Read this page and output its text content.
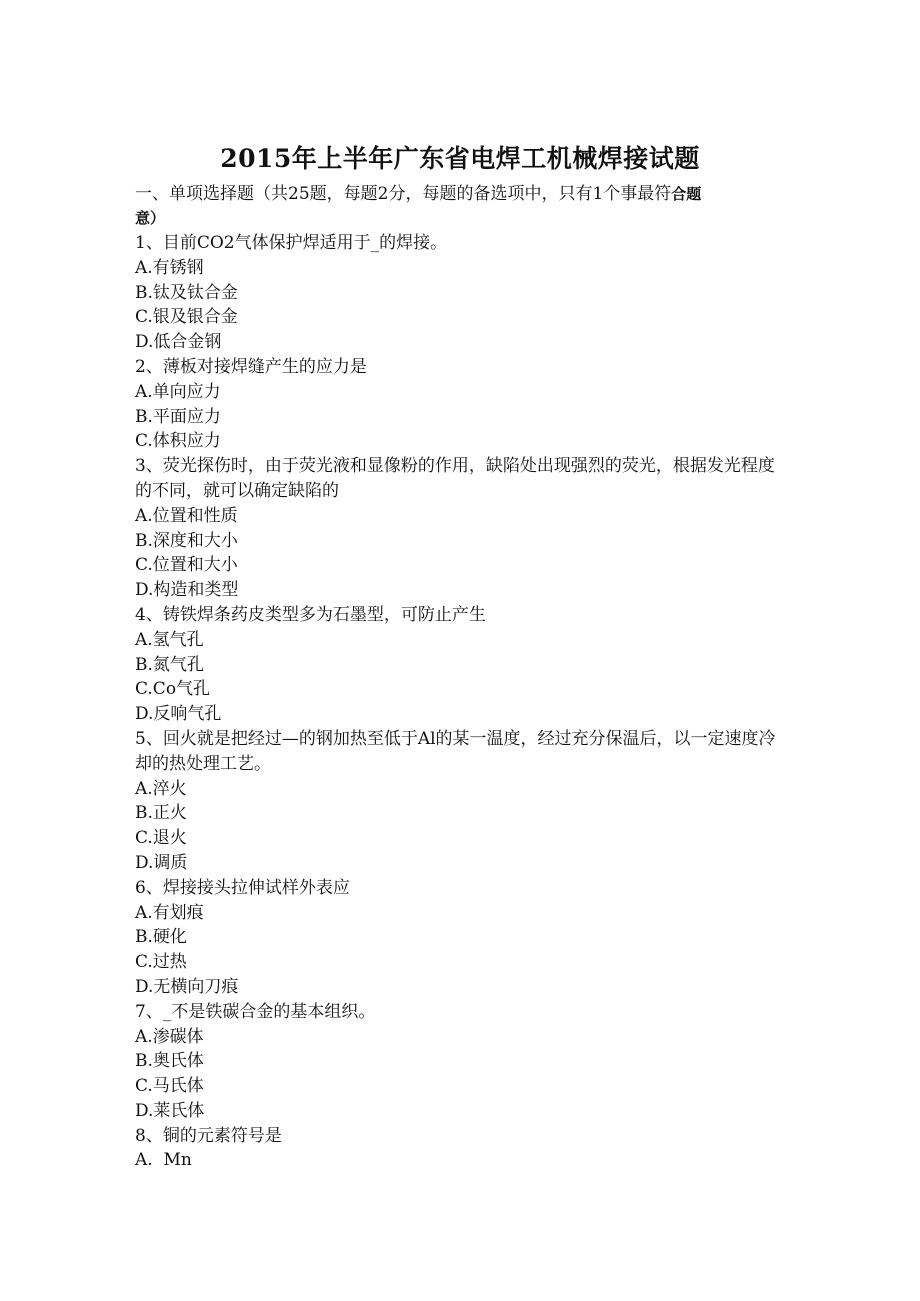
2015年上半年广东省电焊工机械焊接试题
一、单项选择题（共25题，每题2分，每题的备选项中，只有1个事最符合题
意）
1、目前CO2气体保护焊适用于_的焊接。
A.有锈钢
B.钛及钛合金
C.银及银合金
D.低合金钢
2、薄板对接焊缝产生的应力是
A.单向应力
B.平面应力
C.体积应力
3、荧光探伤时，由于荧光液和显像粉的作用，缺陷处出现强烈的荧光，根据发光程度的不同，就可以确定缺陷的
A.位置和性质
B.深度和大小
C.位置和大小
D.构造和类型
4、铸铁焊条药皮类型多为石墨型，可防止产生
A.氢气孔
B.氮气孔
C.Co气孔
D.反响气孔
5、回火就是把经过—的钢加热至低于Al的某一温度，经过充分保温后，以一定速度冷却的热处理工艺。
A.淬火
B.正火
C.退火
D.调质
6、焊接接头拉伸试样外表应
A.有划痕
B.硬化
C.过热
D.无横向刀痕
7、_不是铁碳合金的基本组织。
A.渗碳体
B.奥氏体
C.马氏体
D.莱氏体
8、铜的元素符号是
A.  Mn
